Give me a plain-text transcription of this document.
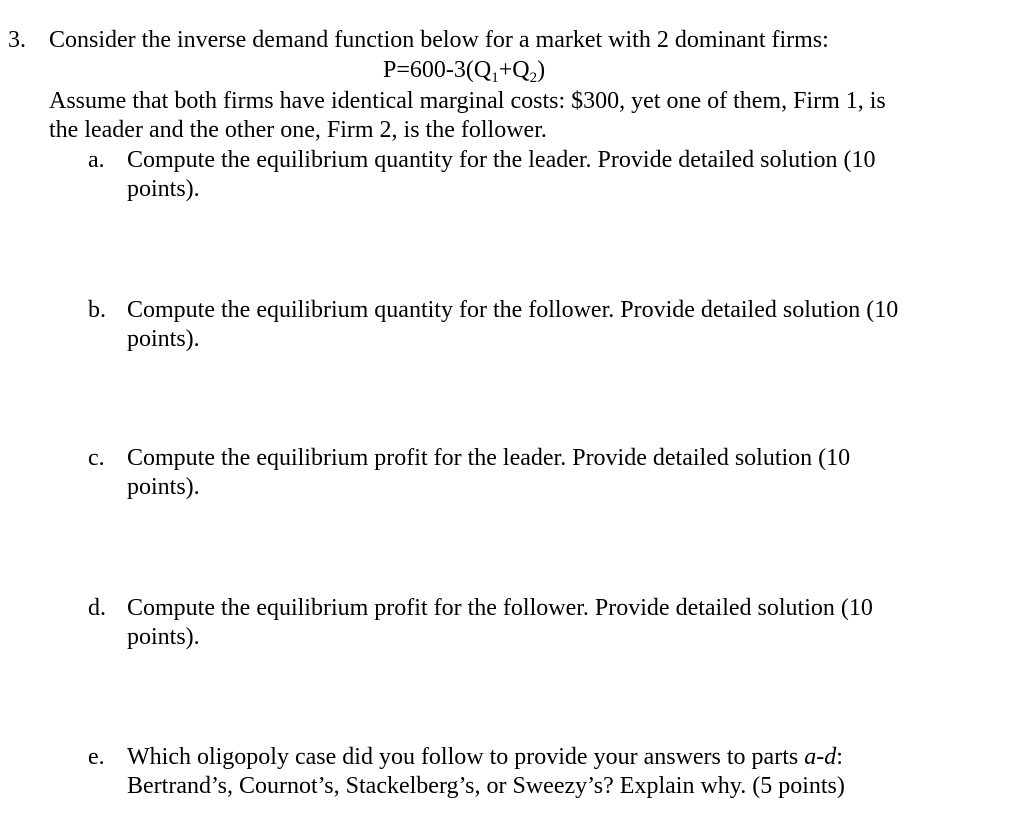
3. Consider the inverse demand function below for a market with 2 dominant firms:
$P=600-3(Q_1+Q_2)$
Assume that both firms have identical marginal costs: $300, yet one of them, Firm 1, is
the leader and the other one, Firm 2, is the follower.
a. Compute the equilibrium quantity for the leader. Provide detailed solution (10
points).
b. Compute the equilibrium quantity for the follower. Provide detailed solution (10
points).
c. Compute the equilibrium profit for the leader. Provide detailed solution (10
points).
d. Compute the equilibrium profit for the follower. Provide detailed solution (10
points).
e. Which oligopoly case did you follow to provide your answers to parts a-d:
Bertrand’s, Cournot’s, Stackelberg’s, or Sweezy’s? Explain why. (5 points)
